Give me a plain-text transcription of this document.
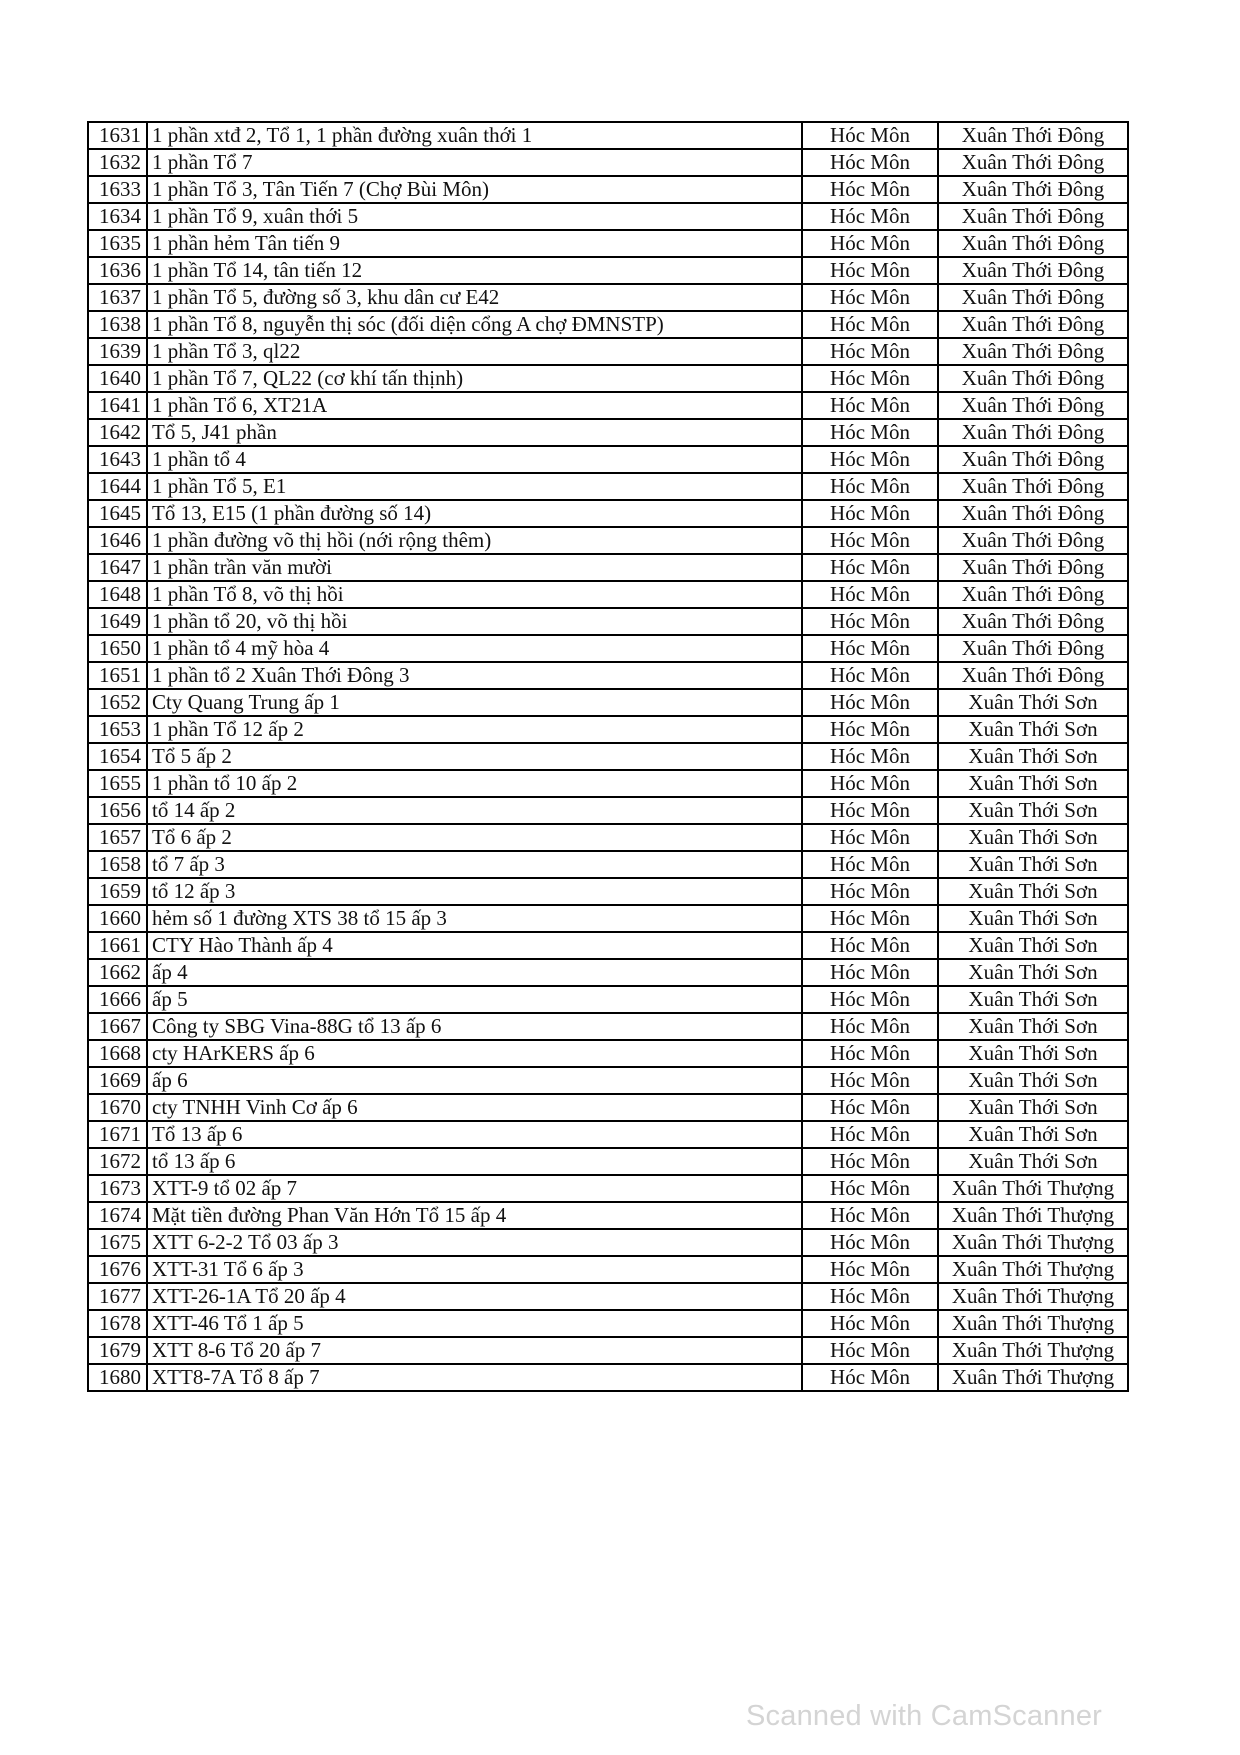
1631	1 phần xtđ 2, Tổ 1, 1 phần đường xuân thới 1	Hóc Môn	Xuân Thới Đông
1632	1 phần Tổ 7	Hóc Môn	Xuân Thới Đông
1633	1 phần Tổ 3, Tân Tiến 7 (Chợ Bùi Môn)	Hóc Môn	Xuân Thới Đông
1634	1 phần Tổ 9, xuân thới 5	Hóc Môn	Xuân Thới Đông
1635	1 phần hẻm Tân tiến 9	Hóc Môn	Xuân Thới Đông
1636	1 phần Tổ 14, tân tiến 12	Hóc Môn	Xuân Thới Đông
1637	1 phần Tổ 5, đường số 3, khu dân cư E42	Hóc Môn	Xuân Thới Đông
1638	1 phần Tổ 8, nguyễn thị sóc (đối diện cổng A chợ ĐMNSTP)	Hóc Môn	Xuân Thới Đông
1639	1 phần Tổ 3, ql22	Hóc Môn	Xuân Thới Đông
1640	1 phần Tổ 7, QL22 (cơ khí tấn thịnh)	Hóc Môn	Xuân Thới Đông
1641	1 phần Tổ 6, XT21A	Hóc Môn	Xuân Thới Đông
1642	Tổ 5, J41 phần	Hóc Môn	Xuân Thới Đông
1643	1 phần tổ 4	Hóc Môn	Xuân Thới Đông
1644	1 phần Tổ 5, E1	Hóc Môn	Xuân Thới Đông
1645	Tổ 13, E15 (1 phần đường số 14)	Hóc Môn	Xuân Thới Đông
1646	1 phần đường võ thị hồi (nới rộng thêm)	Hóc Môn	Xuân Thới Đông
1647	1 phần trần văn mười	Hóc Môn	Xuân Thới Đông
1648	1 phần Tổ 8, võ thị hồi	Hóc Môn	Xuân Thới Đông
1649	1 phần tổ 20, võ thị hồi	Hóc Môn	Xuân Thới Đông
1650	1 phần tổ 4 mỹ hòa 4	Hóc Môn	Xuân Thới Đông
1651	1 phần tổ 2 Xuân Thới Đông 3	Hóc Môn	Xuân Thới Đông
1652	Cty Quang Trung ấp 1	Hóc Môn	Xuân Thới Sơn
1653	1 phần Tổ 12 ấp 2	Hóc Môn	Xuân Thới Sơn
1654	Tổ 5 ấp 2	Hóc Môn	Xuân Thới Sơn
1655	1 phần tổ 10 ấp 2	Hóc Môn	Xuân Thới Sơn
1656	tổ 14 ấp 2	Hóc Môn	Xuân Thới Sơn
1657	Tổ 6 ấp 2	Hóc Môn	Xuân Thới Sơn
1658	tổ 7 ấp 3	Hóc Môn	Xuân Thới Sơn
1659	tổ 12 ấp 3	Hóc Môn	Xuân Thới Sơn
1660	hẻm số 1 đường XTS 38 tổ 15 ấp 3	Hóc Môn	Xuân Thới Sơn
1661	CTY Hào Thành ấp 4	Hóc Môn	Xuân Thới Sơn
1662	ấp 4	Hóc Môn	Xuân Thới Sơn
1666	ấp 5	Hóc Môn	Xuân Thới Sơn
1667	Công ty SBG Vina-88G tổ 13 ấp 6	Hóc Môn	Xuân Thới Sơn
1668	cty HArKERS ấp 6	Hóc Môn	Xuân Thới Sơn
1669	ấp 6	Hóc Môn	Xuân Thới Sơn
1670	cty TNHH Vinh Cơ ấp 6	Hóc Môn	Xuân Thới Sơn
1671	Tổ 13 ấp 6	Hóc Môn	Xuân Thới Sơn
1672	tổ 13 ấp 6	Hóc Môn	Xuân Thới Sơn
1673	XTT-9 tổ 02 ấp 7	Hóc Môn	Xuân Thới Thượng
1674	Mặt tiền đường Phan Văn Hớn Tổ 15 ấp 4	Hóc Môn	Xuân Thới Thượng
1675	XTT 6-2-2 Tổ 03 ấp 3	Hóc Môn	Xuân Thới Thượng
1676	XTT-31 Tổ 6 ấp 3	Hóc Môn	Xuân Thới Thượng
1677	XTT-26-1A Tổ 20 ấp 4	Hóc Môn	Xuân Thới Thượng
1678	XTT-46 Tổ 1 ấp 5	Hóc Môn	Xuân Thới Thượng
1679	XTT 8-6 Tổ 20 ấp 7	Hóc Môn	Xuân Thới Thượng
1680	XTT8-7A Tổ 8 ấp 7	Hóc Môn	Xuân Thới Thượng
Scanned with CamScanner
